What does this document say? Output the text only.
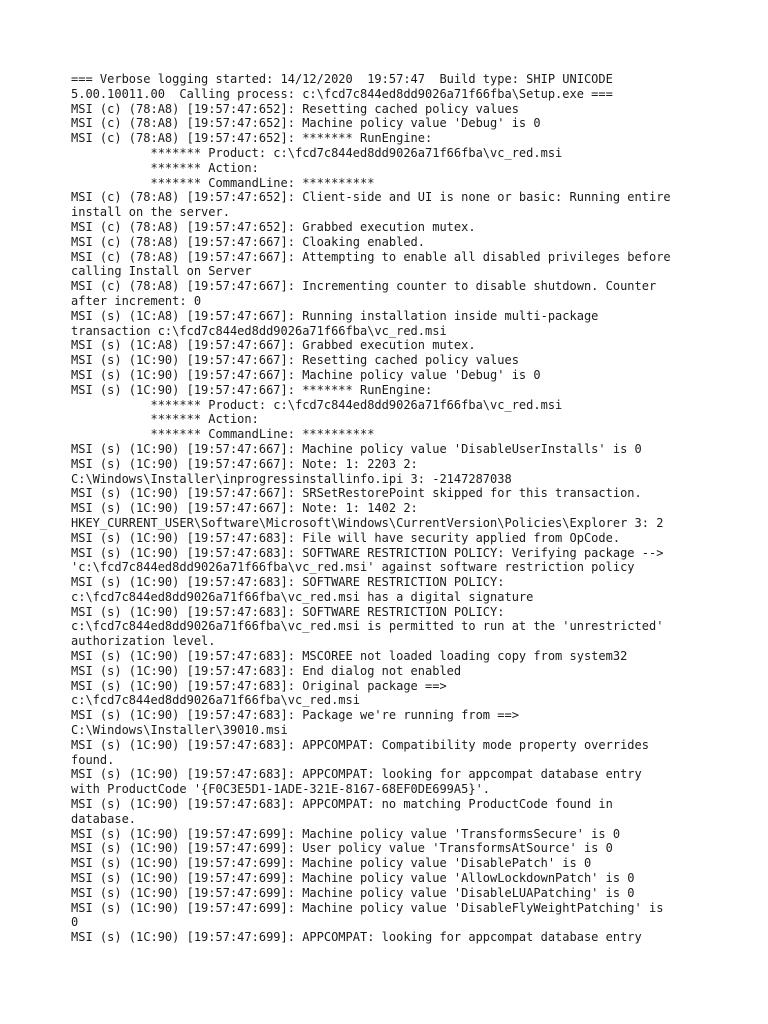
=== Verbose logging started: 14/12/2020  19:57:47  Build type: SHIP UNICODE
5.00.10011.00  Calling process: c:\fcd7c844ed8dd9026a71f66fba\Setup.exe ===
MSI (c) (78:A8) [19:57:47:652]: Resetting cached policy values
MSI (c) (78:A8) [19:57:47:652]: Machine policy value 'Debug' is 0
MSI (c) (78:A8) [19:57:47:652]: ******* RunEngine:
******* Product: c:\fcd7c844ed8dd9026a71f66fba\vc_red.msi
******* Action:
******* CommandLine: **********
MSI (c) (78:A8) [19:57:47:652]: Client-side and UI is none or basic: Running entire
install on the server.
MSI (c) (78:A8) [19:57:47:652]: Grabbed execution mutex.
MSI (c) (78:A8) [19:57:47:667]: Cloaking enabled.
MSI (c) (78:A8) [19:57:47:667]: Attempting to enable all disabled privileges before
calling Install on Server
MSI (c) (78:A8) [19:57:47:667]: Incrementing counter to disable shutdown. Counter
after increment: 0
MSI (s) (1C:A8) [19:57:47:667]: Running installation inside multi-package
transaction c:\fcd7c844ed8dd9026a71f66fba\vc_red.msi
MSI (s) (1C:A8) [19:57:47:667]: Grabbed execution mutex.
MSI (s) (1C:90) [19:57:47:667]: Resetting cached policy values
MSI (s) (1C:90) [19:57:47:667]: Machine policy value 'Debug' is 0
MSI (s) (1C:90) [19:57:47:667]: ******* RunEngine:
******* Product: c:\fcd7c844ed8dd9026a71f66fba\vc_red.msi
******* Action:
******* CommandLine: **********
MSI (s) (1C:90) [19:57:47:667]: Machine policy value 'DisableUserInstalls' is 0
MSI (s) (1C:90) [19:57:47:667]: Note: 1: 2203 2:
C:\Windows\Installer\inprogressinstallinfo.ipi 3: -2147287038
MSI (s) (1C:90) [19:57:47:667]: SRSetRestorePoint skipped for this transaction.
MSI (s) (1C:90) [19:57:47:667]: Note: 1: 1402 2:
HKEY_CURRENT_USER\Software\Microsoft\Windows\CurrentVersion\Policies\Explorer 3: 2
MSI (s) (1C:90) [19:57:47:683]: File will have security applied from OpCode.
MSI (s) (1C:90) [19:57:47:683]: SOFTWARE RESTRICTION POLICY: Verifying package -->
'c:\fcd7c844ed8dd9026a71f66fba\vc_red.msi' against software restriction policy
MSI (s) (1C:90) [19:57:47:683]: SOFTWARE RESTRICTION POLICY:
c:\fcd7c844ed8dd9026a71f66fba\vc_red.msi has a digital signature
MSI (s) (1C:90) [19:57:47:683]: SOFTWARE RESTRICTION POLICY:
c:\fcd7c844ed8dd9026a71f66fba\vc_red.msi is permitted to run at the 'unrestricted'
authorization level.
MSI (s) (1C:90) [19:57:47:683]: MSCOREE not loaded loading copy from system32
MSI (s) (1C:90) [19:57:47:683]: End dialog not enabled
MSI (s) (1C:90) [19:57:47:683]: Original package ==>
c:\fcd7c844ed8dd9026a71f66fba\vc_red.msi
MSI (s) (1C:90) [19:57:47:683]: Package we're running from ==>
C:\Windows\Installer\39010.msi
MSI (s) (1C:90) [19:57:47:683]: APPCOMPAT: Compatibility mode property overrides
found.
MSI (s) (1C:90) [19:57:47:683]: APPCOMPAT: looking for appcompat database entry
with ProductCode '{F0C3E5D1-1ADE-321E-8167-68EF0DE699A5}'.
MSI (s) (1C:90) [19:57:47:683]: APPCOMPAT: no matching ProductCode found in
database.
MSI (s) (1C:90) [19:57:47:699]: Machine policy value 'TransformsSecure' is 0
MSI (s) (1C:90) [19:57:47:699]: User policy value 'TransformsAtSource' is 0
MSI (s) (1C:90) [19:57:47:699]: Machine policy value 'DisablePatch' is 0
MSI (s) (1C:90) [19:57:47:699]: Machine policy value 'AllowLockdownPatch' is 0
MSI (s) (1C:90) [19:57:47:699]: Machine policy value 'DisableLUAPatching' is 0
MSI (s) (1C:90) [19:57:47:699]: Machine policy value 'DisableFlyWeightPatching' is
0
MSI (s) (1C:90) [19:57:47:699]: APPCOMPAT: looking for appcompat database entry
